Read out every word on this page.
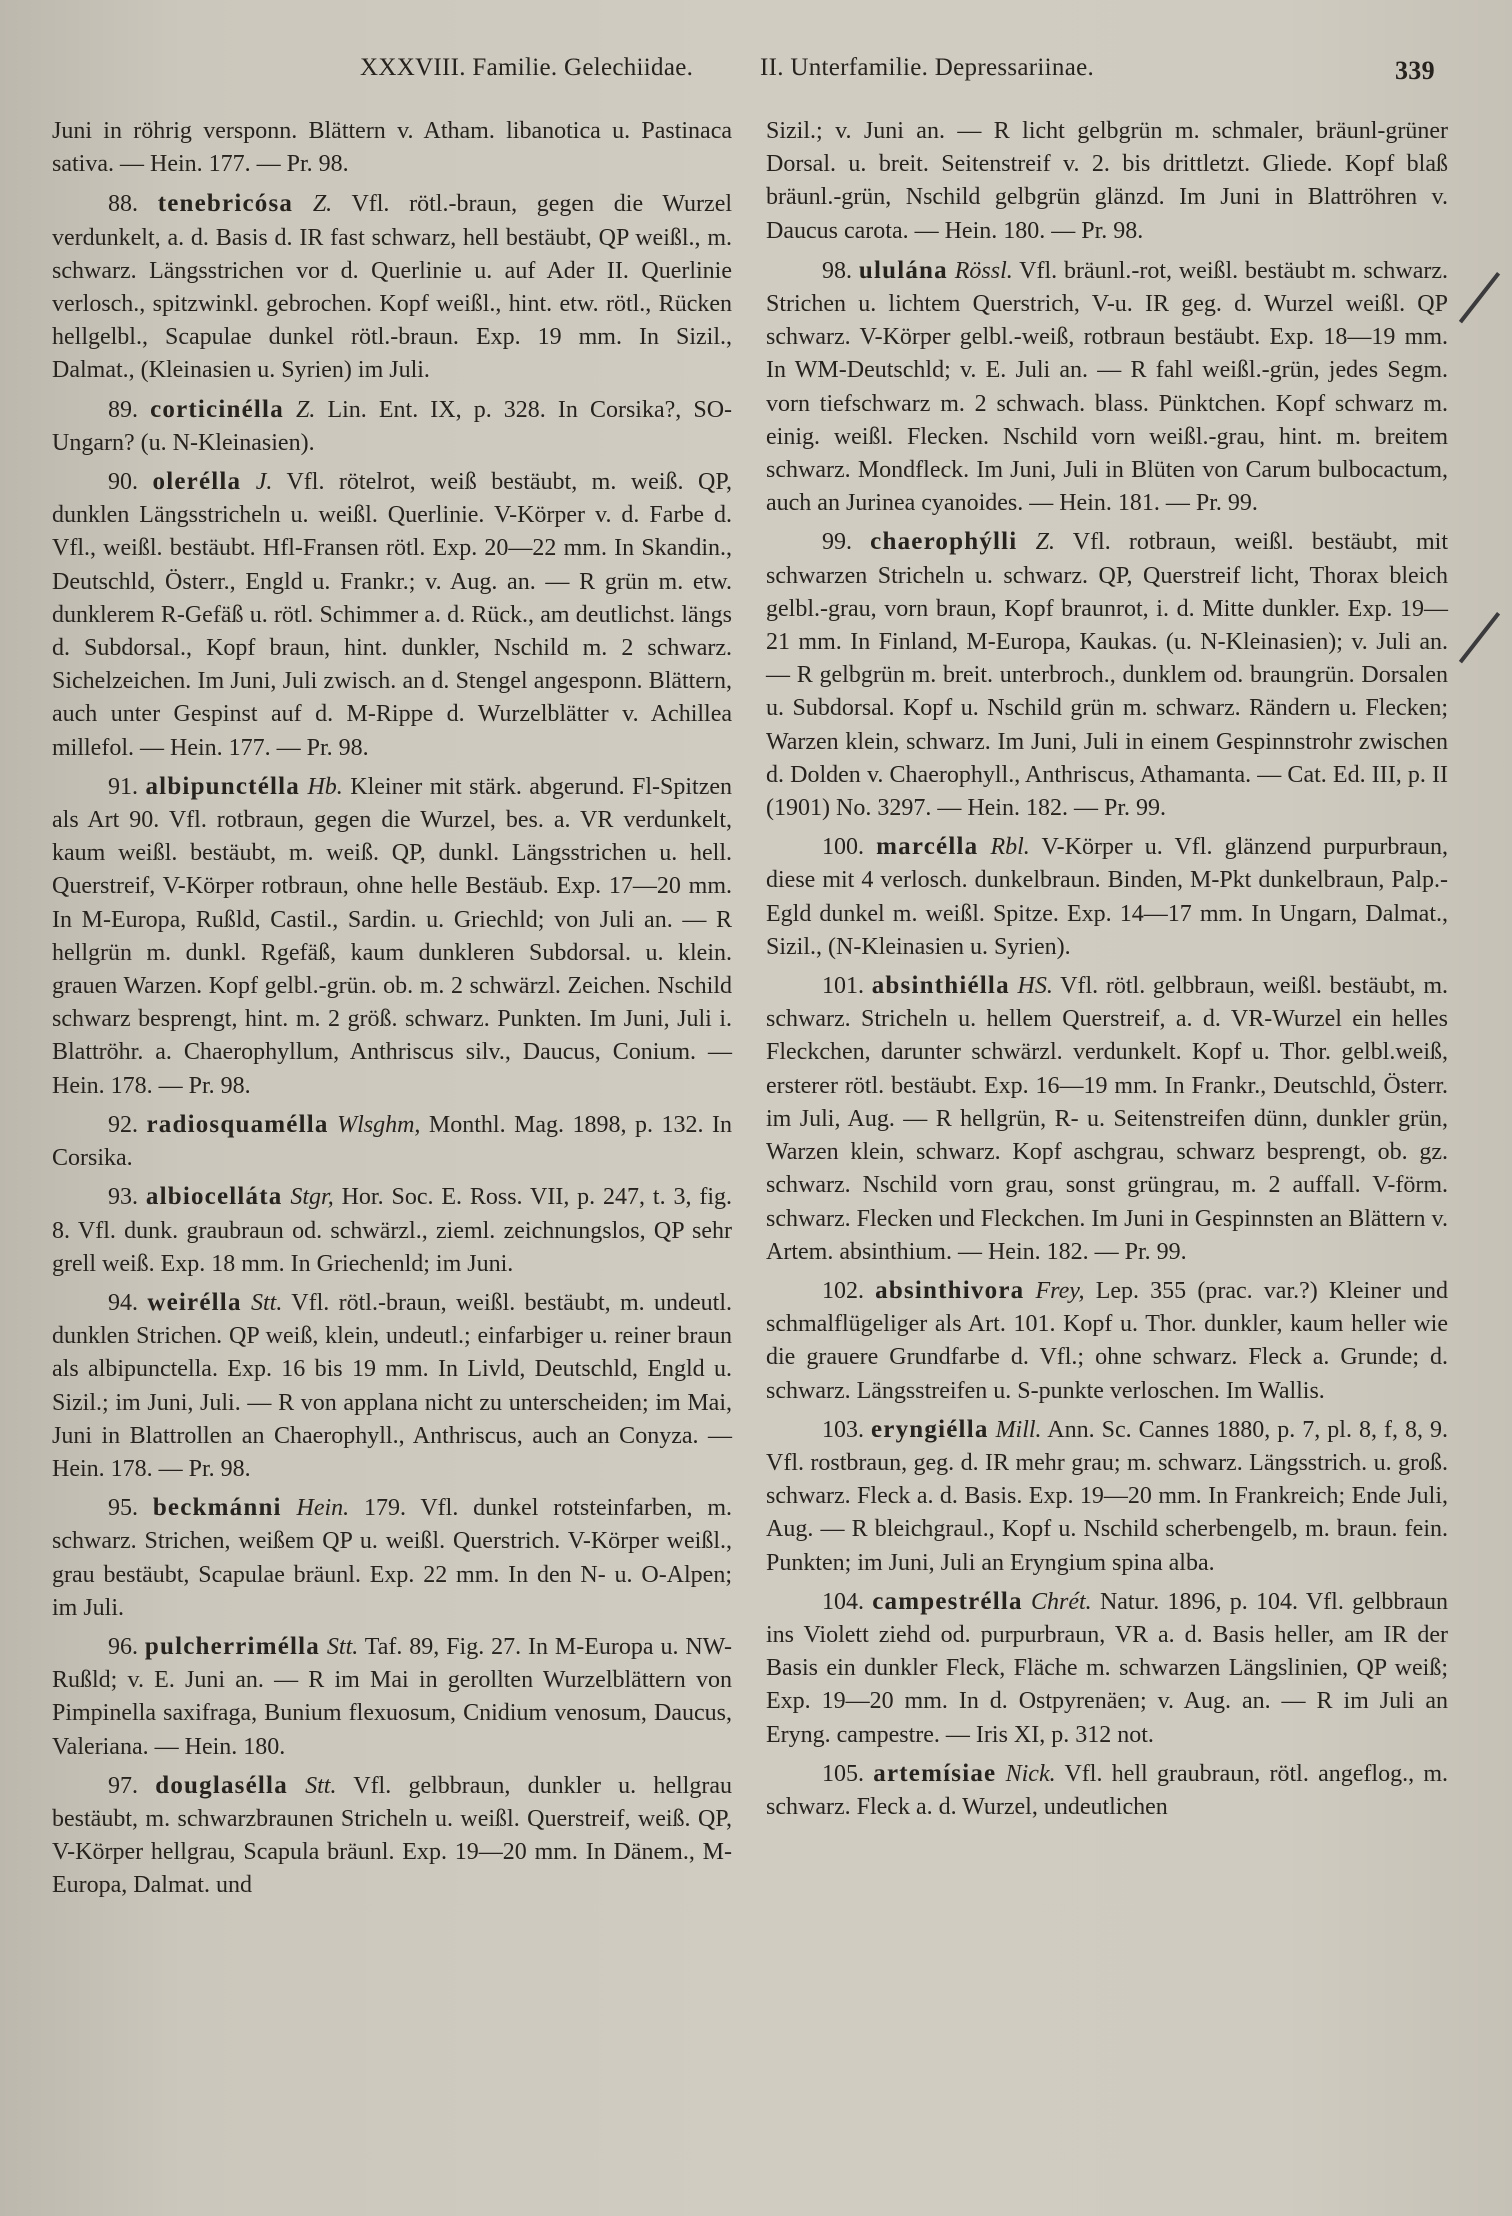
XXXVIII. Familie. Gelechiidae.	II. Unterfamilie. Depressariinae.	339

Juni in röhrig versponn. Blättern v. Atham. libanotica u. Pastinaca sativa. — Hein. 177. — Pr. 98.

88. tenebricósa Z. Vfl. rötl.-braun, gegen die Wurzel verdunkelt, a. d. Basis d. IR fast schwarz, hell bestäubt, QP weißl., m. schwarz. Längsstrichen vor d. Querlinie u. auf Ader II. Querlinie verlosch., spitzwinkl. gebrochen. Kopf weißl., hint. etw. rötl., Rücken hellgelbl., Scapulae dunkel rötl.-braun. Exp. 19 mm. In Sizil., Dalmat., (Kleinasien u. Syrien) im Juli.

89. corticinélla Z. Lin. Ent. IX, p. 328. In Corsika?, SO-Ungarn? (u. N-Kleinasien).

90. olerélla J. Vfl. rötelrot, weiß bestäubt, m. weiß. QP, dunklen Längsstricheln u. weißl. Querlinie. V-Körper v. d. Farbe d. Vfl., weißl. bestäubt. Hfl-Fransen rötl. Exp. 20—22 mm. In Skandin., Deutschld, Österr., Engld u. Frankr.; v. Aug. an. — R grün m. etw. dunklerem R-Gefäß u. rötl. Schimmer a. d. Rück., am deutlichst. längs d. Subdorsal., Kopf braun, hint. dunkler, Nschild m. 2 schwarz. Sichelzeichen. Im Juni, Juli zwisch. an d. Stengel angesponn. Blättern, auch unter Gespinst auf d. M-Rippe d. Wurzelblätter v. Achillea millefol. — Hein. 177. — Pr. 98.

91. albipunctélla Hb. Kleiner mit stärk. abgerund. Fl-Spitzen als Art 90. Vfl. rotbraun, gegen die Wurzel, bes. a. VR verdunkelt, kaum weißl. bestäubt, m. weiß. QP, dunkl. Längsstrichen u. hell. Querstreif, V-Körper rotbraun, ohne helle Bestäub. Exp. 17—20 mm. In M-Europa, Rußld, Castil., Sardin. u. Griechld; von Juli an. — R hellgrün m. dunkl. Rgefäß, kaum dunkleren Subdorsal. u. klein. grauen Warzen. Kopf gelbl.-grün. ob. m. 2 schwärzl. Zeichen. Nschild schwarz besprengt, hint. m. 2 größ. schwarz. Punkten. Im Juni, Juli i. Blattröhr. a. Chaerophyllum, Anthriscus silv., Daucus, Conium. — Hein. 178. — Pr. 98.

92. radiosquamélla Wlsghm, Monthl. Mag. 1898, p. 132. In Corsika.

93. albiocelláta Stgr, Hor. Soc. E. Ross. VII, p. 247, t. 3, fig. 8. Vfl. dunk. graubraun od. schwärzl., zieml. zeichnungslos, QP sehr grell weiß. Exp. 18 mm. In Griechenld; im Juni.

94. weirélla Stt. Vfl. rötl.-braun, weißl. bestäubt, m. undeutl. dunklen Strichen. QP weiß, klein, undeutl.; einfarbiger u. reiner braun als albipunctella. Exp. 16 bis 19 mm. In Livld, Deutschld, Engld u. Sizil.; im Juni, Juli. — R von applana nicht zu unterscheiden; im Mai, Juni in Blattrollen an Chaerophyll., Anthriscus, auch an Conyza. — Hein. 178. — Pr. 98.

95. beckmánni Hein. 179. Vfl. dunkel rotsteinfarben, m. schwarz. Strichen, weißem QP u. weißl. Querstrich. V-Körper weißl., grau bestäubt, Scapulae bräunl. Exp. 22 mm. In den N- u. O-Alpen; im Juli.

96. pulcherrimélla Stt. Taf. 89, Fig. 27. In M-Europa u. NW-Rußld; v. E. Juni an. — R im Mai in gerollten Wurzelblättern von Pimpinella saxifraga, Bunium flexuosum, Cnidium venosum, Daucus, Valeriana. — Hein. 180.

97. douglasélla Stt. Vfl. gelbbraun, dunkler u. hellgrau bestäubt, m. schwarzbraunen Stricheln u. weißl. Querstreif, weiß. QP, V-Körper hellgrau, Scapula bräunl. Exp. 19—20 mm. In Dänem., M-Europa, Dalmat. und

Sizil.; v. Juni an. — R licht gelbgrün m. schmaler, bräunl-grüner Dorsal. u. breit. Seitenstreif v. 2. bis drittletzt. Gliede. Kopf blaß bräunl.-grün, Nschild gelbgrün glänzd. Im Juni in Blattröhren v. Daucus carota. — Hein. 180. — Pr. 98.

98. ululána Rössl. Vfl. bräunl.-rot, weißl. bestäubt m. schwarz. Strichen u. lichtem Querstrich, V-u. IR geg. d. Wurzel weißl. QP schwarz. V-Körper gelbl.-weiß, rotbraun bestäubt. Exp. 18—19 mm. In WM-Deutschld; v. E. Juli an. — R fahl weißl.-grün, jedes Segm. vorn tiefschwarz m. 2 schwach. blass. Pünktchen. Kopf schwarz m. einig. weißl. Flecken. Nschild vorn weißl.-grau, hint. m. breitem schwarz. Mondfleck. Im Juni, Juli in Blüten von Carum bulbocactum, auch an Jurinea cyanoides. — Hein. 181. — Pr. 99.

99. chaerophýlli Z. Vfl. rotbraun, weißl. bestäubt, mit schwarzen Stricheln u. schwarz. QP, Querstreif licht, Thorax bleich gelbl.-grau, vorn braun, Kopf braunrot, i. d. Mitte dunkler. Exp. 19—21 mm. In Finland, M-Europa, Kaukas. (u. N-Kleinasien); v. Juli an. — R gelbgrün m. breit. unterbroch., dunklem od. braungrün. Dorsalen u. Subdorsal. Kopf u. Nschild grün m. schwarz. Rändern u. Flecken; Warzen klein, schwarz. Im Juni, Juli in einem Gespinnstrohr zwischen d. Dolden v. Chaerophyll., Anthriscus, Athamanta. — Cat. Ed. III, p. II (1901) No. 3297. — Hein. 182. — Pr. 99.

100. marcélla Rbl. V-Körper u. Vfl. glänzend purpurbraun, diese mit 4 verlosch. dunkelbraun. Binden, M-Pkt dunkelbraun, Palp.-Egld dunkel m. weißl. Spitze. Exp. 14—17 mm. In Ungarn, Dalmat., Sizil., (N-Kleinasien u. Syrien).

101. absinthiélla HS. Vfl. rötl. gelbbraun, weißl. bestäubt, m. schwarz. Stricheln u. hellem Querstreif, a. d. VR-Wurzel ein helles Fleckchen, darunter schwärzl. verdunkelt. Kopf u. Thor. gelbl.weiß, ersterer rötl. bestäubt. Exp. 16—19 mm. In Frankr., Deutschld, Österr. im Juli, Aug. — R hellgrün, R- u. Seitenstreifen dünn, dunkler grün, Warzen klein, schwarz. Kopf aschgrau, schwarz besprengt, ob. gz. schwarz. Nschild vorn grau, sonst grüngrau, m. 2 auffall. V-förm. schwarz. Flecken und Fleckchen. Im Juni in Gespinnsten an Blättern v. Artem. absinthium. — Hein. 182. — Pr. 99.

102. absinthivora Frey, Lep. 355 (prac. var.?) Kleiner und schmalflügeliger als Art. 101. Kopf u. Thor. dunkler, kaum heller wie die grauere Grundfarbe d. Vfl.; ohne schwarz. Fleck a. Grunde; d. schwarz. Längsstreifen u. S-punkte verloschen. Im Wallis.

103. eryngiélla Mill. Ann. Sc. Cannes 1880, p. 7, pl. 8, f, 8, 9. Vfl. rostbraun, geg. d. IR mehr grau; m. schwarz. Längsstrich. u. groß. schwarz. Fleck a. d. Basis. Exp. 19—20 mm. In Frankreich; Ende Juli, Aug. — R bleichgraul., Kopf u. Nschild scherbengelb, m. braun. fein. Punkten; im Juni, Juli an Eryngium spina alba.

104. campestrélla Chrét. Natur. 1896, p. 104. Vfl. gelbbraun ins Violett ziehd od. purpurbraun, VR a. d. Basis heller, am IR der Basis ein dunkler Fleck, Fläche m. schwarzen Längslinien, QP weiß; Exp. 19—20 mm. In d. Ostpyrenäen; v. Aug. an. — R im Juli an Eryng. campestre. — Iris XI, p. 312 not.

105. artemísiae Nick. Vfl. hell graubraun, rötl. angeflog., m. schwarz. Fleck a. d. Wurzel, undeutlichen
